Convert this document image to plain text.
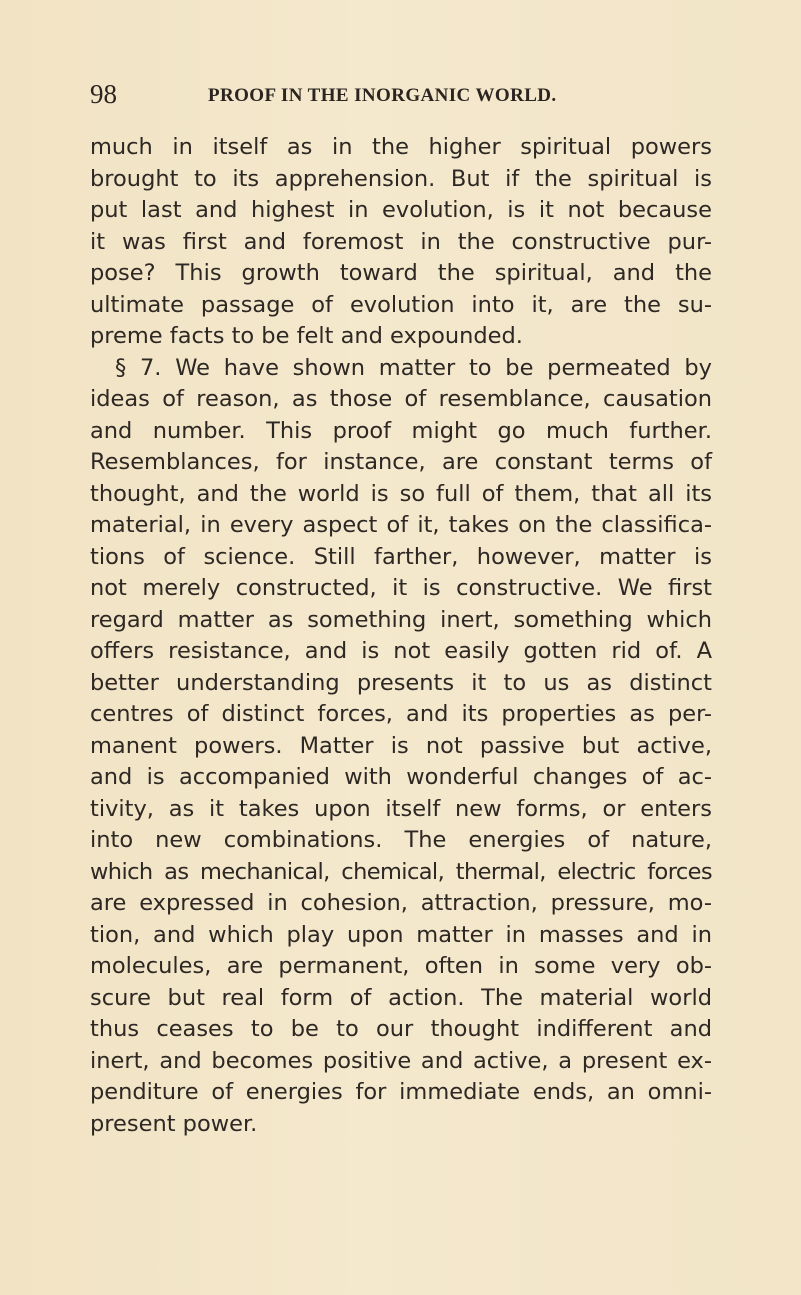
98	PROOF IN THE INORGANIC WORLD.
much in itself as in the higher spiritual powers
brought to its apprehension. But if the spiritual is
put last and highest in evolution, is it not because
it was first and foremost in the constructive pur-
pose? This growth toward the spiritual, and the
ultimate passage of evolution into it, are the su-
preme facts to be felt and expounded.
§ 7. We have shown matter to be permeated by
ideas of reason, as those of resemblance, causation
and number. This proof might go much further.
Resemblances, for instance, are constant terms of
thought, and the world is so full of them, that all its
material, in every aspect of it, takes on the classifica-
tions of science. Still farther, however, matter is
not merely constructed, it is constructive. We first
regard matter as something inert, something which
offers resistance, and is not easily gotten rid of. A
better understanding presents it to us as distinct
centres of distinct forces, and its properties as per-
manent powers. Matter is not passive but active,
and is accompanied with wonderful changes of ac-
tivity, as it takes upon itself new forms, or enters
into new combinations. The energies of nature,
which as mechanical, chemical, thermal, electric forces
are expressed in cohesion, attraction, pressure, mo-
tion, and which play upon matter in masses and in
molecules, are permanent, often in some very ob-
scure but real form of action. The material world
thus ceases to be to our thought indifferent and
inert, and becomes positive and active, a present ex-
penditure of energies for immediate ends, an omni-
present power.
